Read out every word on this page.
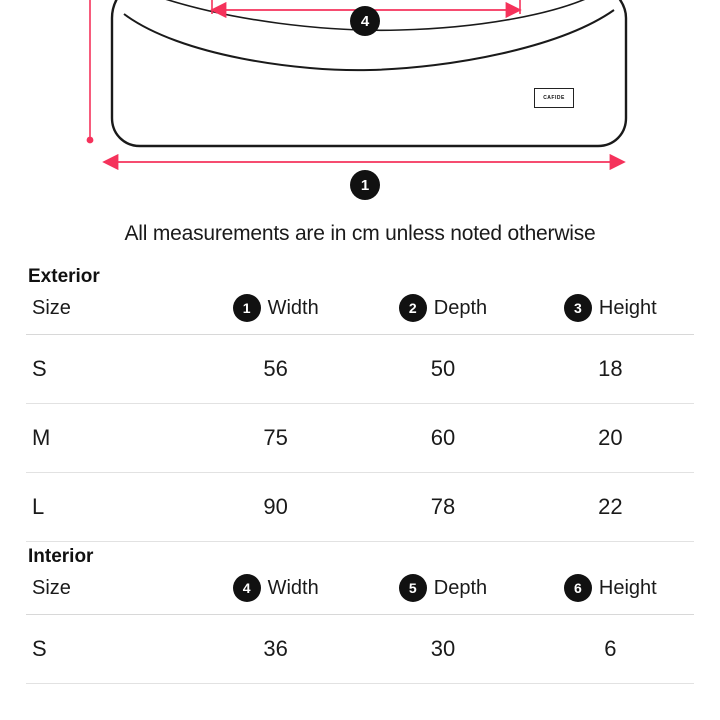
4
1
CAFIDE
All measurements are in cm unless noted otherwise
Exterior
Size	1 Width	2 Depth	3 Height

S	56	50	18
M	75	60	20
L	90	78	22
Interior
Size	4 Width	5 Depth	6 Height

S	36	30	6
